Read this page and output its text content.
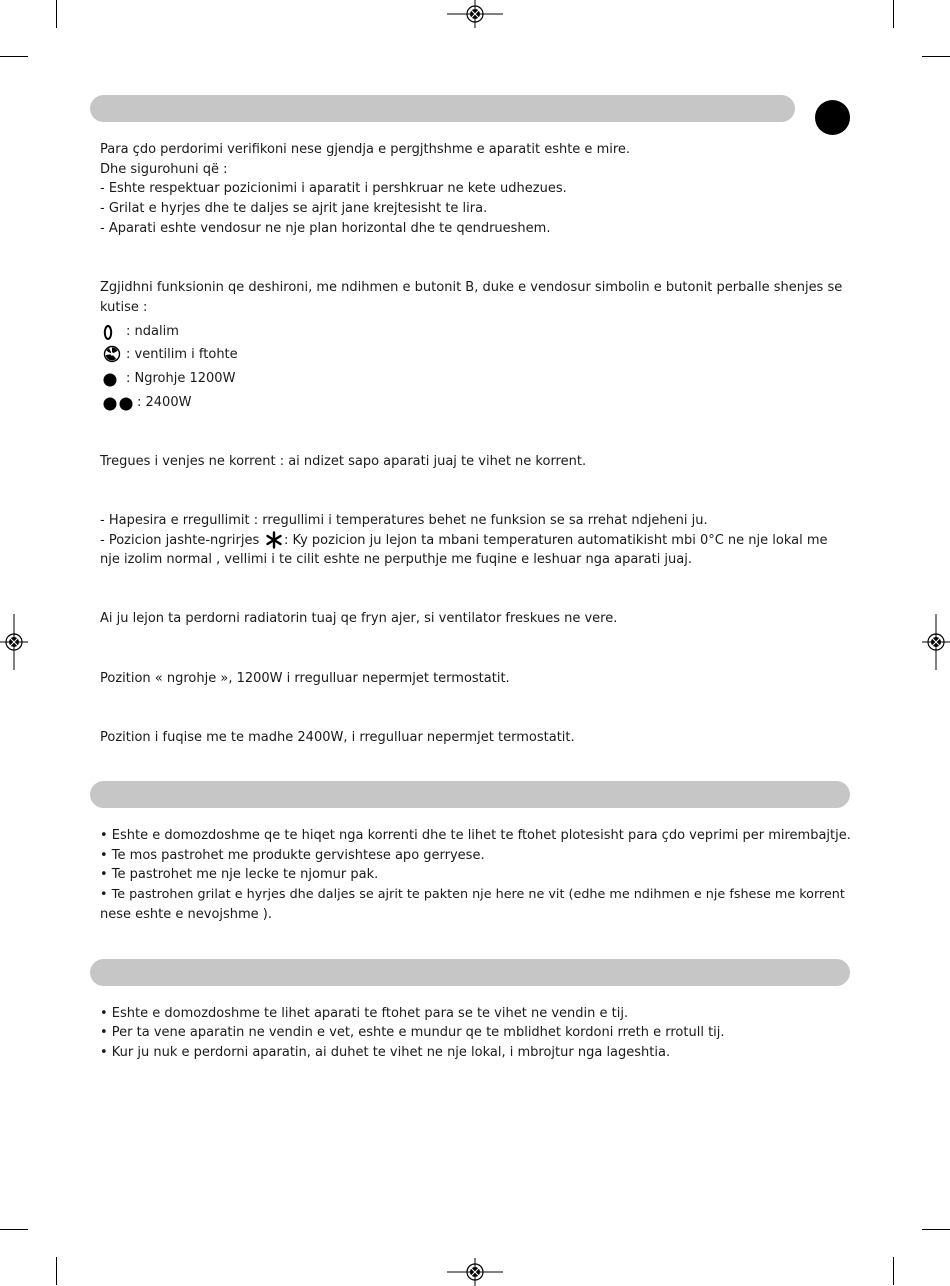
Para çdo perdorimi verifikoni nese gjendja e pergjthshme e aparatit eshte e mire.
Dhe sigurohuni që :
- Eshte respektuar pozicionimi i aparatit i pershkruar ne kete udhezues.
- Grilat e hyrjes dhe te daljes se ajrit jane krejtesisht te lira.
- Aparati eshte vendosur ne nje plan horizontal dhe te qendrueshem.
Zgjidhni funksionin qe deshironi, me ndihmen e butonit B, duke e vendosur simbolin e butonit perballe shenjes se
kutise :
: ndalim
: ventilim i ftohte
: Ngrohje 1200W
: 2400W
Tregues i venjes ne korrent : ai ndizet sapo aparati juaj te vihet ne korrent.
- Hapesira e rregullimit : rregullimi i temperatures behet ne funksion se sa rrehat ndjeheni ju.
- Pozicion jashte-ngrirjes : Ky pozicion ju lejon ta mbani temperaturen automatikisht mbi 0°C ne nje lokal me
nje izolim normal , vellimi i te cilit eshte ne perputhje me fuqine e leshuar nga aparati juaj.
Ai ju lejon ta perdorni radiatorin tuaj qe fryn ajer, si ventilator freskues ne vere.
Pozition « ngrohje », 1200W i rregulluar nepermjet termostatit.
Pozition i fuqise me te madhe 2400W, i rregulluar nepermjet termostatit.
• Eshte e domozdoshme qe te hiqet nga korrenti dhe te lihet te ftohet plotesisht para çdo veprimi per mirembajtje.
• Te mos pastrohet me produkte gervishtese apo gerryese.
• Te pastrohet me nje lecke te njomur pak.
• Te pastrohen grilat e hyrjes dhe daljes se ajrit te pakten nje here ne vit (edhe me ndihmen e nje fshese me korrent
nese eshte e nevojshme ).
• Eshte e domozdoshme te lihet aparati te ftohet para se te vihet ne vendin e tij.
• Per ta vene aparatin ne vendin e vet, eshte e mundur qe te mblidhet kordoni rreth e rrotull tij.
• Kur ju nuk e perdorni aparatin, ai duhet te vihet ne nje lokal, i mbrojtur nga lageshtia.
